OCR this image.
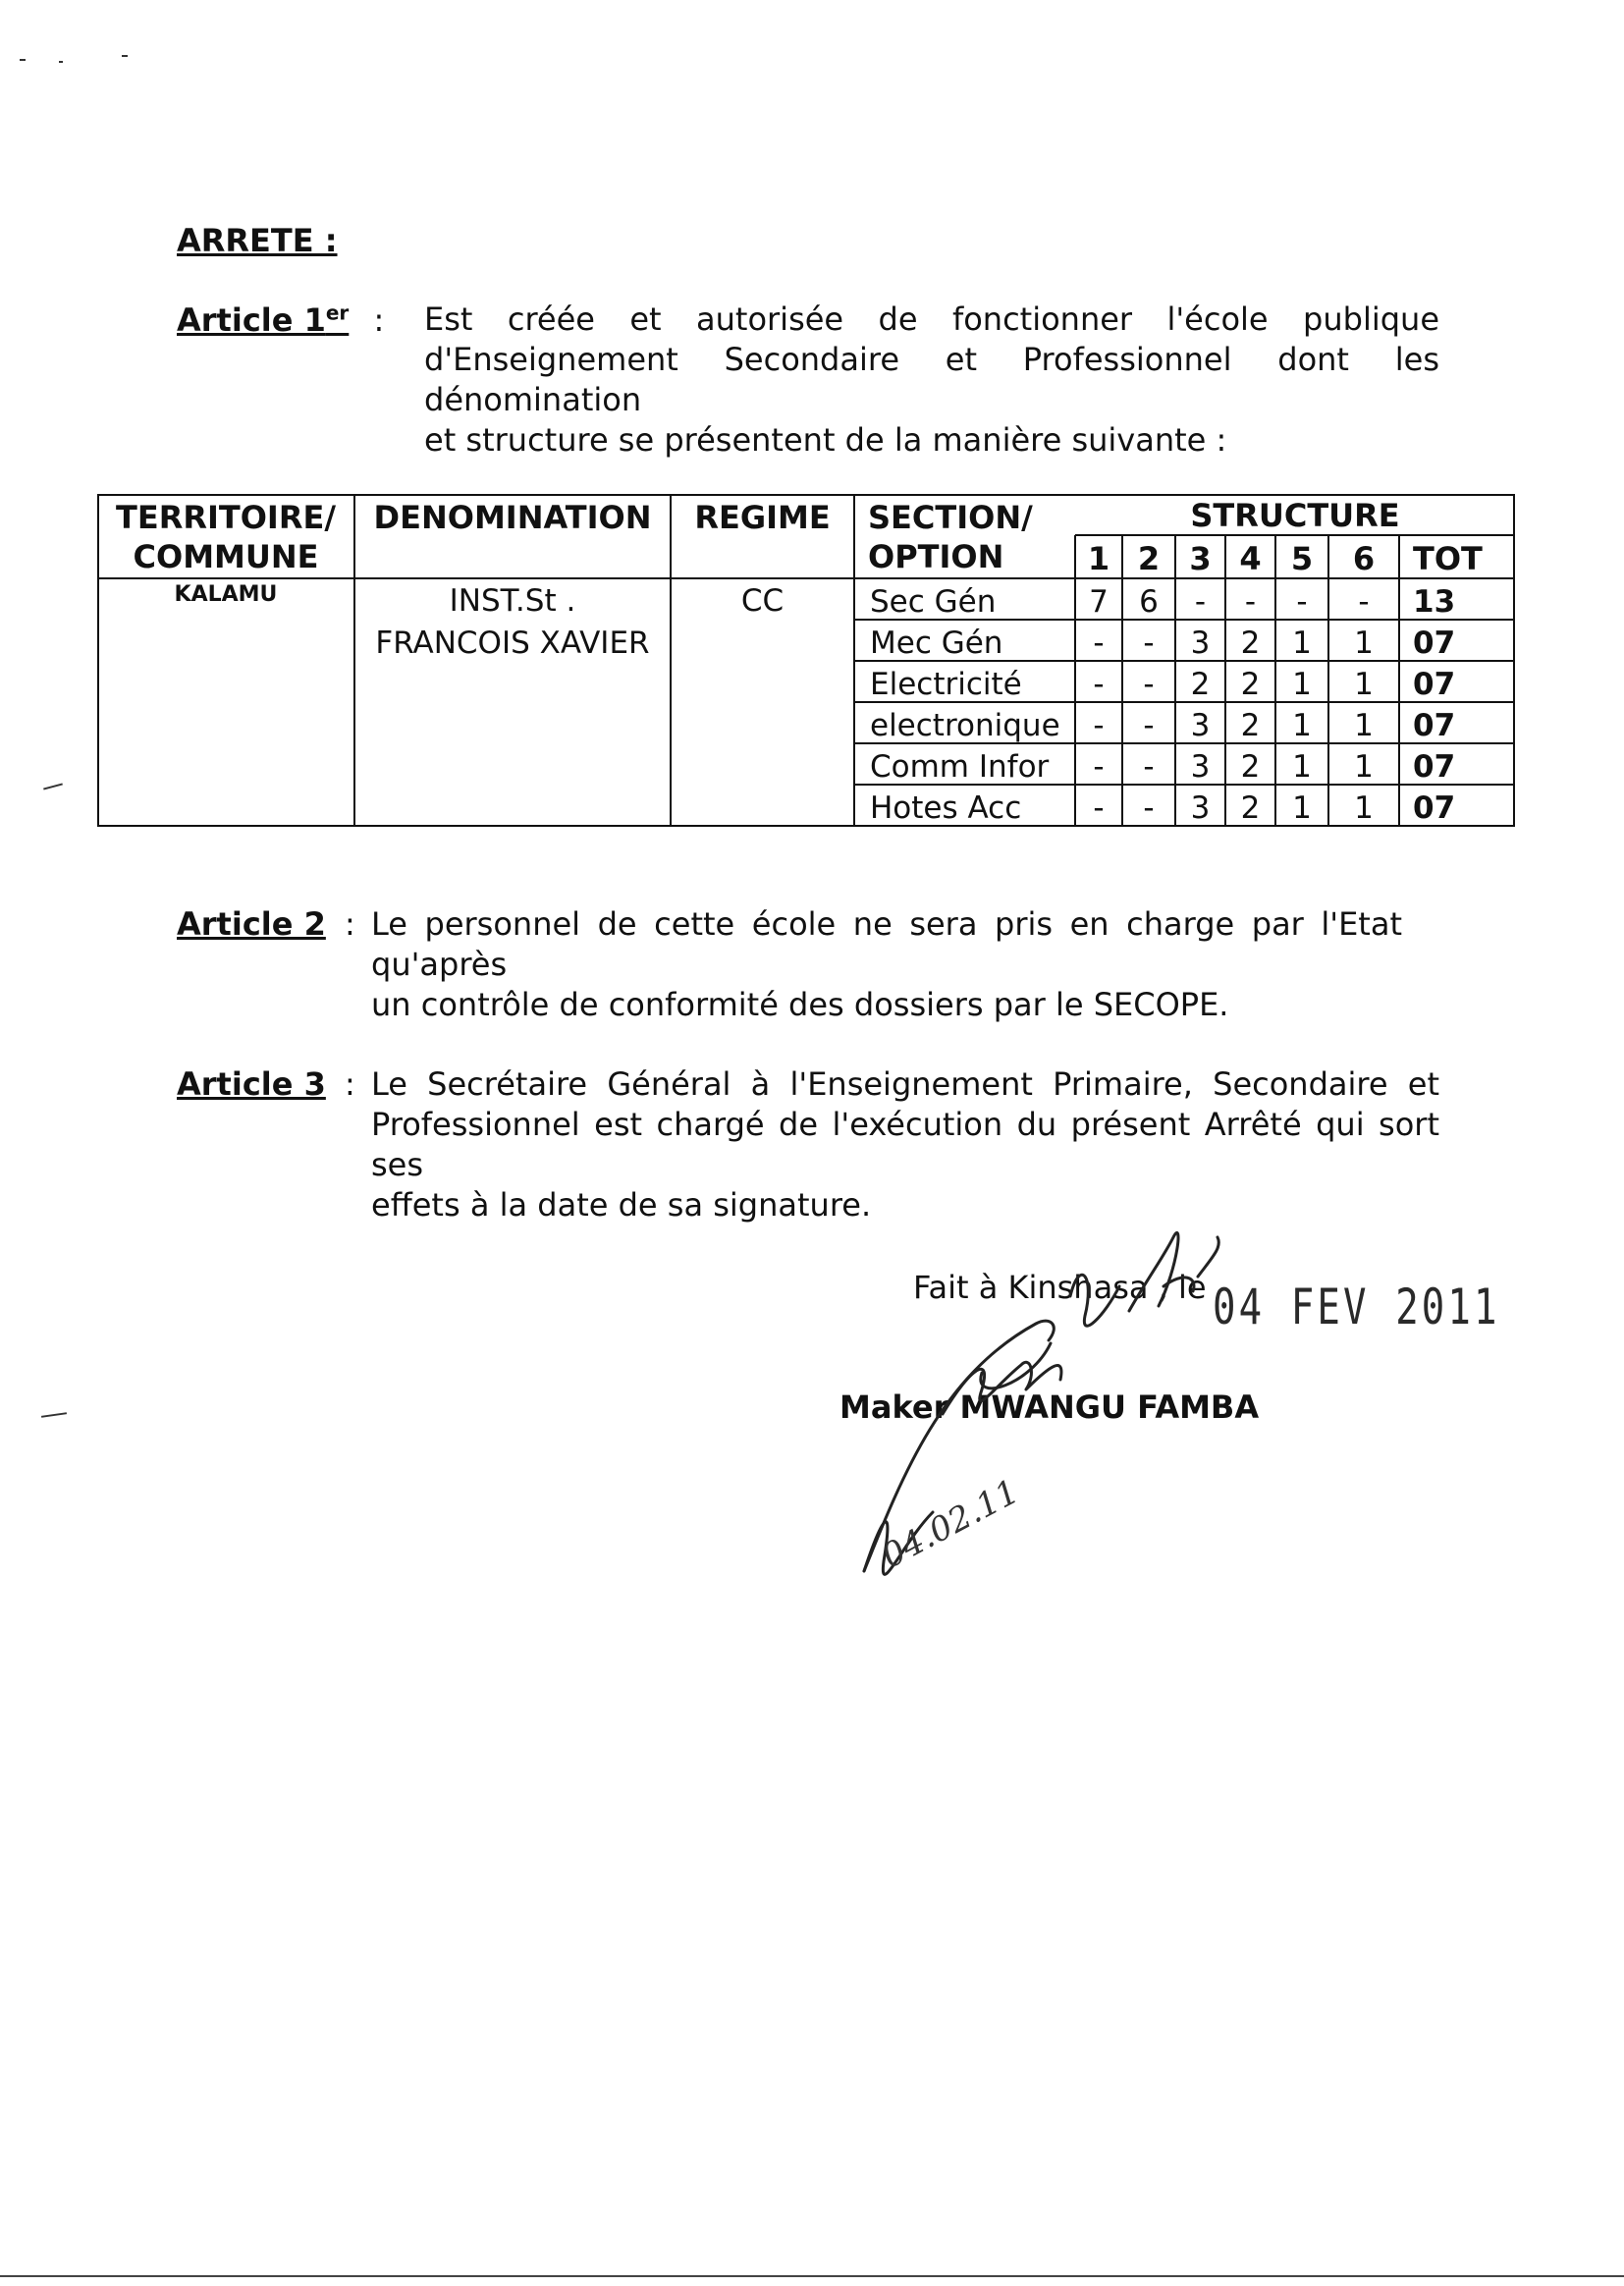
ARRETE :
Article 1er : Est créée et autorisée de fonctionner l'école publique
d'Enseignement Secondaire et Professionnel dont les dénomination
et structure se présentent de la manière suivante :
TERRITOIRE/
COMMUNE
DENOMINATION	REGIME	SECTION/
OPTION
STRUCTURE
1 2 3 4 5	6	TOT
KALAMU	INST.St .
FRANCOIS XAVIER
CC	Sec Gén	7	6	-	-	-	-	13
Mec Gén	-	-	3	2	1	1	07
Electricité	-	-	2	2	1	1	07
electronique	-	-	3	2	1	1	07
Comm Infor	-	-	3	2	1	1	07
Hotes Acc	-	-	3	2	1	1	07
Article 2 : Le personnel de cette école ne sera pris en charge par l'Etat qu'après
un contrôle de conformité des dossiers par le SECOPE.
Article 3 : Le Secrétaire Général à l'Enseignement Primaire, Secondaire et
Professionnel est chargé de l'exécution du présent Arrêté qui sort ses
effets à la date de sa signature.
Fait à Kinshasa , le 04 FEV 2011
Maker MWANGU FAMBA
04.02.11
